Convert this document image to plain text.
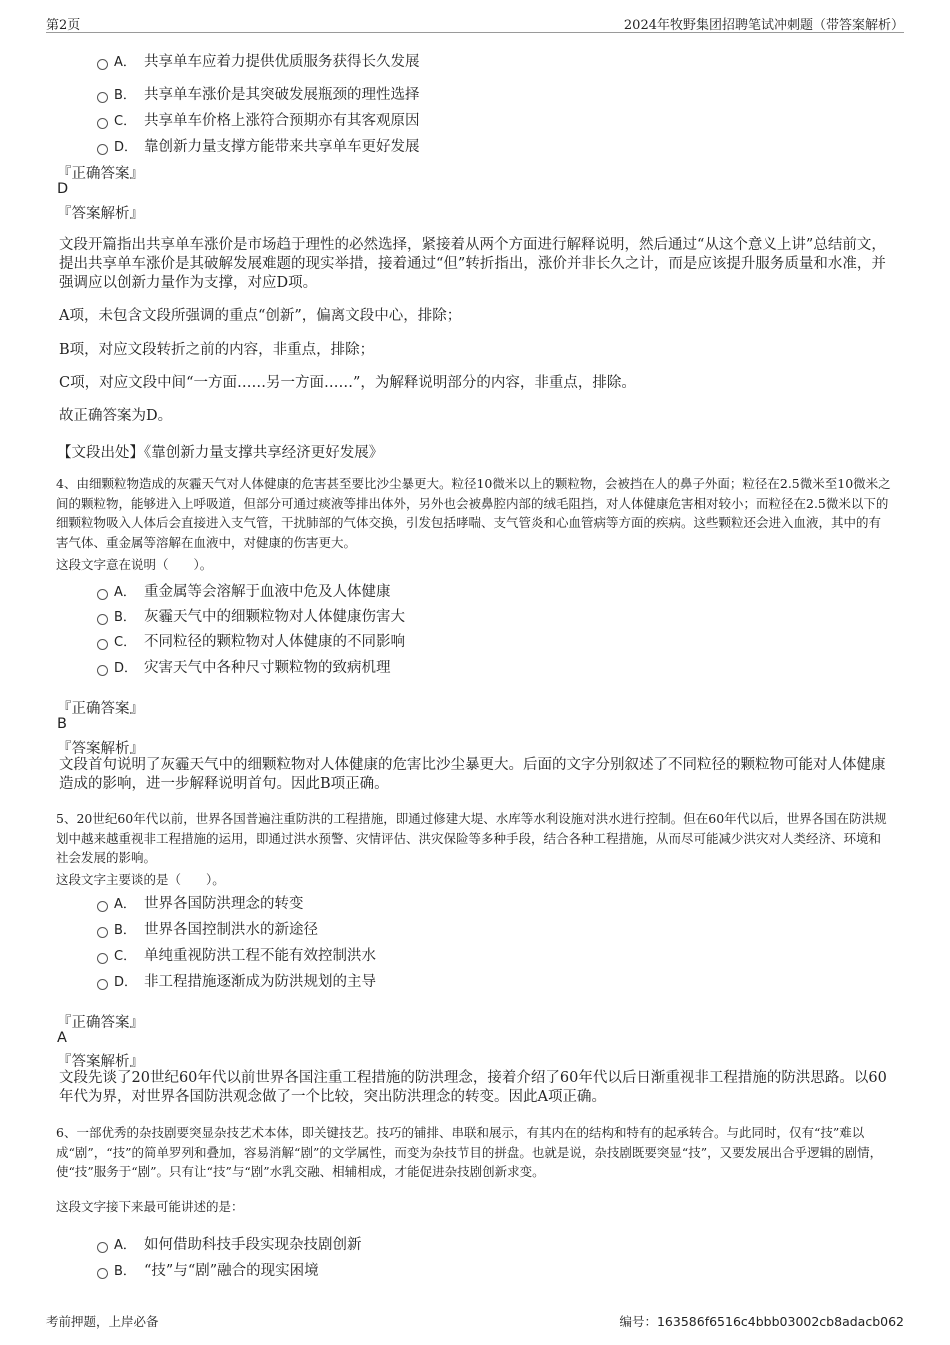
第2页	2024年牧野集团招聘笔试冲刺题（带答案解析）
A． 共享单车应着力提供优质服务获得长久发展
B． 共享单车涨价是其突破发展瓶颈的理性选择
C． 共享单车价格上涨符合预期亦有其客观原因
D． 靠创新力量支撑方能带来共享单车更好发展
『正确答案』
D
『答案解析』
文段开篇指出共享单车涨价是市场趋于理性的必然选择，紧接着从两个方面进行解释说明，然后通过“从这个意义上讲”总结前文，提出共享单车涨价是其破解发展难题的现实举措，接着通过“但”转折指出，涨价并非长久之计，而是应该提升服务质量和水准，并强调应以创新力量作为支撑，对应D项。
A项，未包含文段所强调的重点“创新”，偏离文段中心，排除；
B项，对应文段转折之前的内容，非重点，排除；
C项，对应文段中间“一方面……另一方面……”，为解释说明部分的内容，非重点，排除。
故正确答案为D。
【文段出处】《靠创新力量支撑共享经济更好发展》
4、由细颗粒物造成的灰霾天气对人体健康的危害甚至要比沙尘暴更大。粒径10微米以上的颗粒物，会被挡在人的鼻子外面；粒径在2.5微米至10微米之间的颗粒物，能够进入上呼吸道，但部分可通过痰液等排出体外，另外也会被鼻腔内部的绒毛阻挡，对人体健康危害相对较小；而粒径在2.5微米以下的细颗粒物吸入人体后会直接进入支气管，干扰肺部的气体交换，引发包括哮喘、支气管炎和心血管病等方面的疾病。这些颗粒还会进入血液，其中的有害气体、重金属等溶解在血液中，对健康的伤害更大。
这段文字意在说明（　　）。
A． 重金属等会溶解于血液中危及人体健康
B． 灰霾天气中的细颗粒物对人体健康伤害大
C． 不同粒径的颗粒物对人体健康的不同影响
D． 灾害天气中各种尺寸颗粒物的致病机理
『正确答案』
B
『答案解析』
文段首句说明了灰霾天气中的细颗粒物对人体健康的危害比沙尘暴更大。后面的文字分别叙述了不同粒径的颗粒物可能对人体健康造成的影响，进一步解释说明首句。因此B项正确。
5、20世纪60年代以前，世界各国普遍注重防洪的工程措施，即通过修建大堤、水库等水利设施对洪水进行控制。但在60年代以后，世界各国在防洪规划中越来越重视非工程措施的运用，即通过洪水预警、灾情评估、洪灾保险等多种手段，结合各种工程措施，从而尽可能减少洪灾对人类经济、环境和社会发展的影响。
这段文字主要谈的是（　　）。
A． 世界各国防洪理念的转变
B． 世界各国控制洪水的新途径
C． 单纯重视防洪工程不能有效控制洪水
D． 非工程措施逐渐成为防洪规划的主导
『正确答案』
A
『答案解析』
文段先谈了20世纪60年代以前世界各国注重工程措施的防洪理念，接着介绍了60年代以后日渐重视非工程措施的防洪思路。以60年代为界，对世界各国防洪观念做了一个比较，突出防洪理念的转变。因此A项正确。
6、一部优秀的杂技剧要突显杂技艺术本体，即关键技艺。技巧的铺排、串联和展示，有其内在的结构和特有的起承转合。与此同时，仅有“技”难以成“剧”，“技”的简单罗列和叠加，容易消解“剧”的文学属性，而变为杂技节目的拼盘。也就是说，杂技剧既要突显“技”，又要发展出合乎逻辑的剧情，使“技”服务于“剧”。只有让“技”与“剧”水乳交融、相辅相成，才能促进杂技剧创新求变。
这段文字接下来最可能讲述的是：
A． 如何借助科技手段实现杂技剧创新
B． “技”与“剧”融合的现实困境
考前押题，上岸必备	编号：163586f6516c4bbb03002cb8adacb062
